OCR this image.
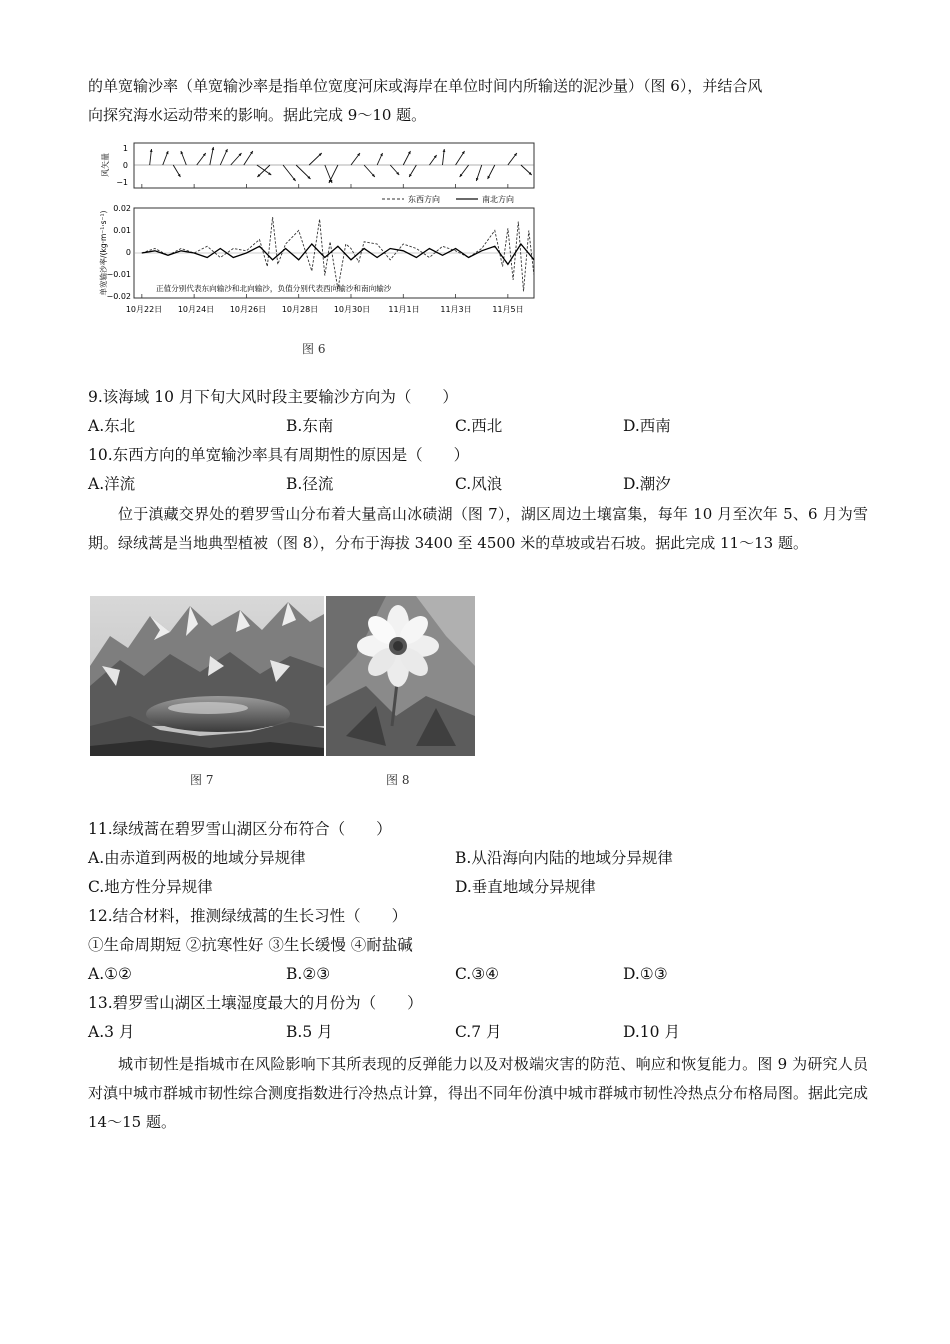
的单宽输沙率（单宽输沙率是指单位宽度河床或海岸在单位时间内所输送的泥沙量）（图 6），并结合风

向探究海水运动带来的影响。据此完成 9～10 题。

风矢量
1
0
−1
东西方向	南北方向
单宽输沙率/(kg·m⁻¹·s⁻¹)
0.02
0.01
0
−0.01
−0.02
正值分别代表东向输沙和北向输沙，负值分别代表西向输沙和南向输沙
10月22日 10月24日 10月26日 10月28日 10月30日 11月1日	11月3日	11月5日
图 6
9.该海域 10 月下旬大风时段主要输沙方向为（　　）
A.东北	B.东南	C.西北	D.西南
10.东西方向的单宽输沙率具有周期性的原因是（　　）
A.洋流	B.径流	C.风浪	D.潮汐

位于滇藏交界处的碧罗雪山分布着大量高山冰碛湖（图 7），湖区周边土壤富集，每年 10 月至次年 5、6 月为雪期。绿绒蒿是当地典型植被（图 8），分布于海拔 3400 至 4500 米的草坡或岩石坡。据此完成 11～13 题。

图 7	图 8
11.绿绒蒿在碧罗雪山湖区分布符合（　　）
A.由赤道到两极的地域分异规律	B.从沿海向内陆的地域分异规律
C.地方性分异规律	D.垂直地域分异规律
12.结合材料，推测绿绒蒿的生长习性（　　）
①生命周期短 ②抗寒性好 ③生长缓慢 ④耐盐碱
A.①②	B.②③	C.③④	D.①③
13.碧罗雪山湖区土壤湿度最大的月份为（　　）
A.3 月	B.5 月	C.7 月	D.10 月

城市韧性是指城市在风险影响下其所表现的反弹能力以及对极端灾害的防范、响应和恢复能力。图 9 为研究人员对滇中城市群城市韧性综合测度指数进行冷热点计算，得出不同年份滇中城市群城市韧性冷热点分布格局图。据此完成 14～15 题。
